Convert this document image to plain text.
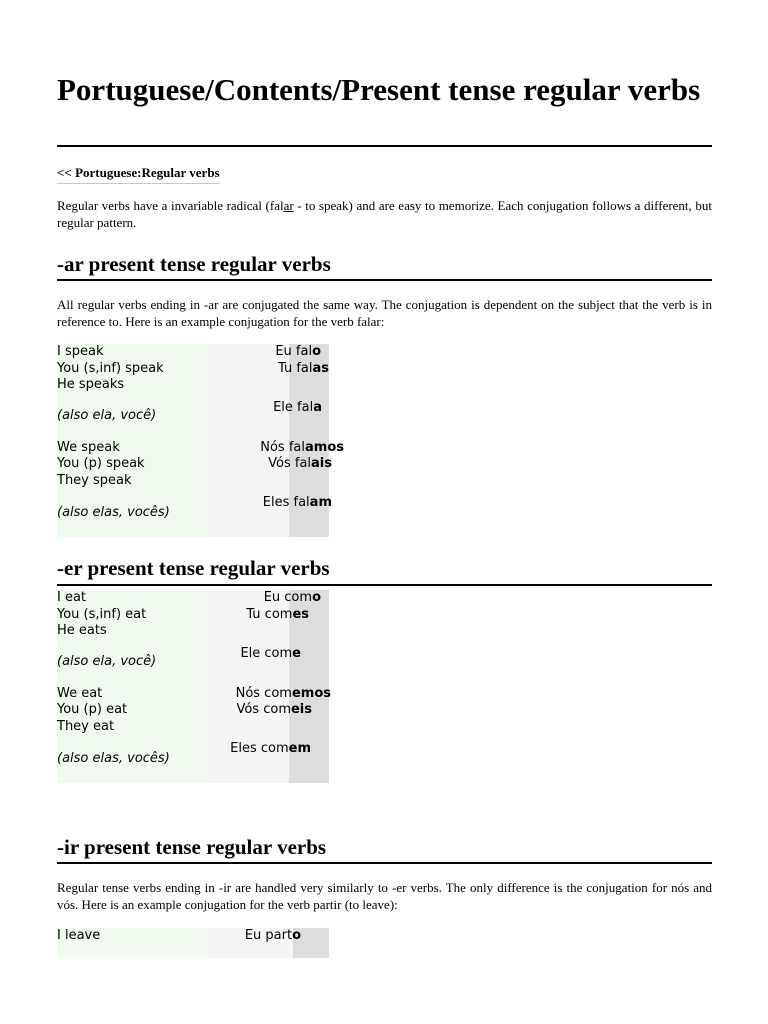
Portuguese/Contents/Present tense regular verbs
<< Portuguese:Regular verbs

Regular verbs have a invariable radical (falar - to speak) and are easy to memorize. Each conjugation follows a different, but regular pattern.

-ar present tense regular verbs

All regular verbs ending in -ar are conjugated the same way. The conjugation is dependent on the subject that the verb is in reference to. Here is an example conjugation for the verb falar:

I speak
You (s,inf) speak
He speaks
(also ela, você)
We speak
You (p) speak
They speak
(also elas, vocês)
Eu falo
Tu falas
Ele fala
Nós falamos
Vós falais
Eles falam
-er present tense regular verbs
I eat
You (s,inf) eat
He eats
(also ela, você)
We eat
You (p) eat
They eat
(also elas, vocês)
Eu como
Tu comes
Ele come
Nós comemos
Vós comeis
Eles comem
-ir present tense regular verbs

Regular tense verbs ending in -ir are handled very similarly to -er verbs. The only difference is the conjugation for nós and vós. Here is an example conjugation for the verb partir (to leave):

I leave	Eu parto
